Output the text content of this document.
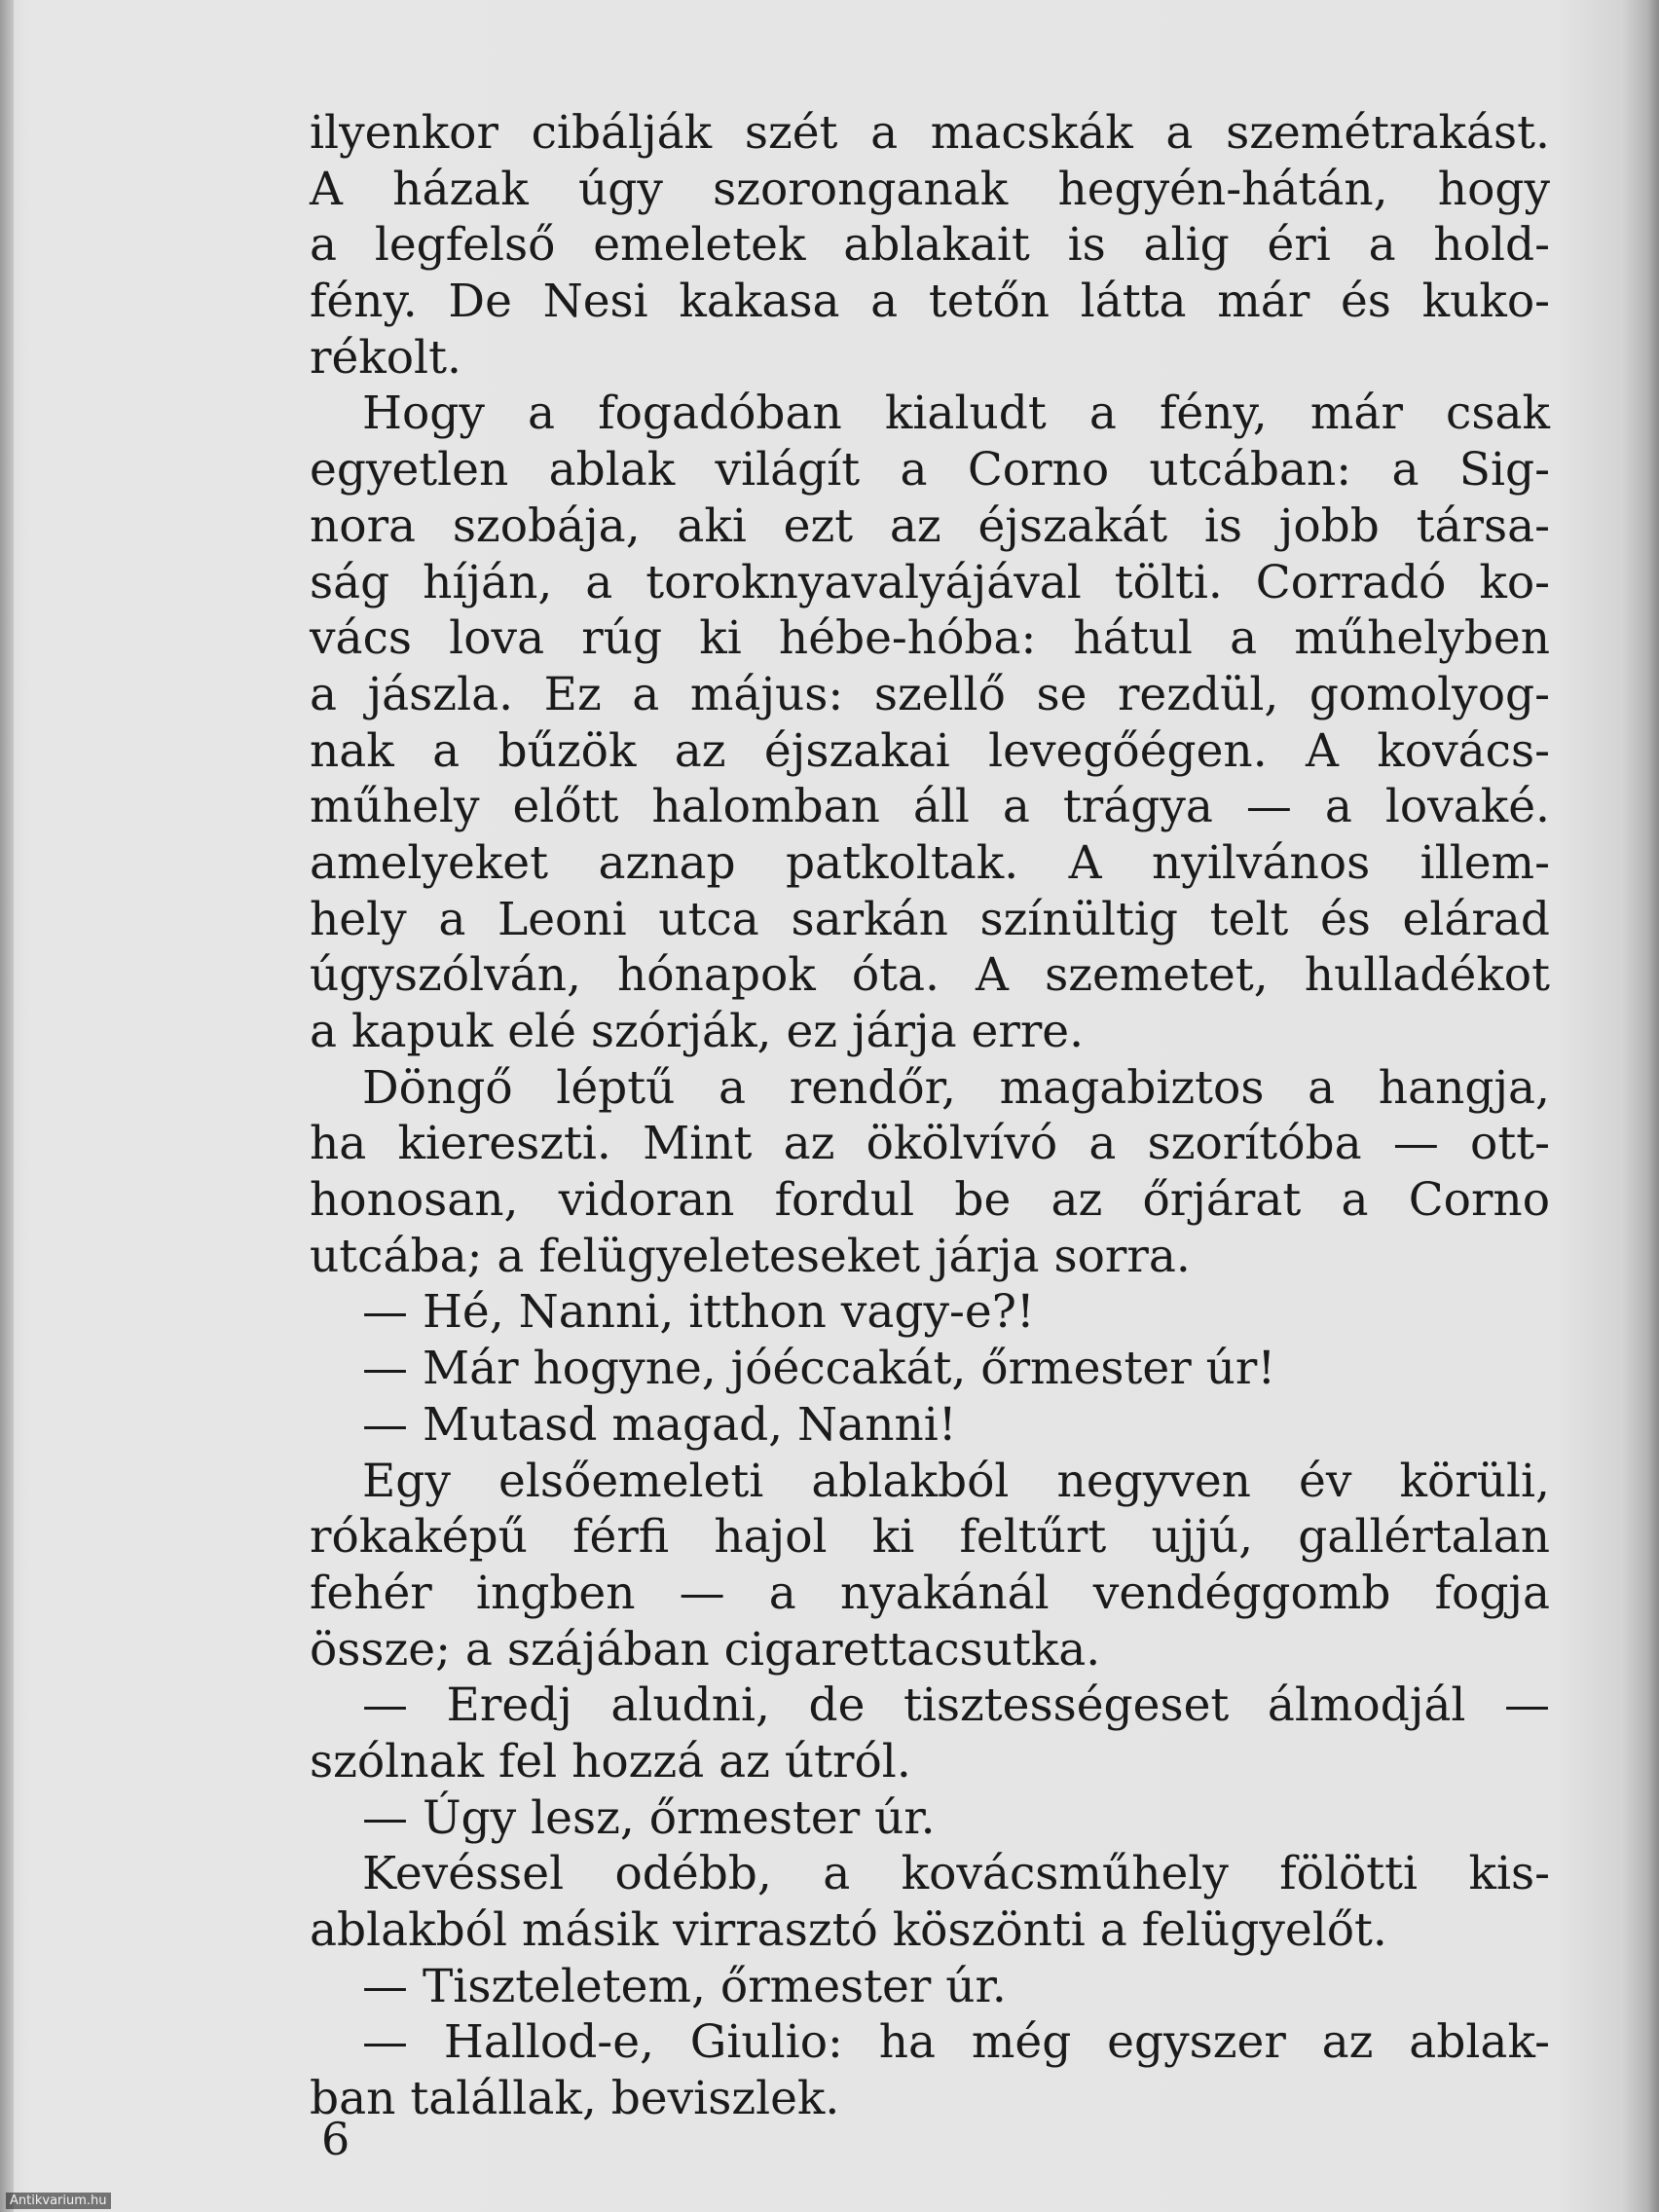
ilyenkor cibálják szét a macskák a szemétrakást.
A házak úgy szoronganak hegyén-hátán, hogy
a legfelső emeletek ablakait is alig éri a hold-
fény. De Nesi kakasa a tetőn látta már és kuko-
rékolt.
Hogy a fogadóban kialudt a fény, már csak
egyetlen ablak világít a Corno utcában: a Sig-
nora szobája, aki ezt az éjszakát is jobb társa-
ság híján, a toroknyavalyájával tölti. Corradó ko-
vács lova rúg ki hébe-hóba: hátul a műhelyben
a jászla. Ez a május: szellő se rezdül, gomolyog-
nak a bűzök az éjszakai levegőégen. A kovács-
műhely előtt halomban áll a trágya — a lovaké.
amelyeket aznap patkoltak. A nyilvános illem-
hely a Leoni utca sarkán színültig telt és elárad
úgyszólván, hónapok óta. A szemetet, hulladékot
a kapuk elé szórják, ez járja erre.
Döngő léptű a rendőr, magabiztos a hangja,
ha kiereszti. Mint az ökölvívó a szorítóba — ott-
honosan, vidoran fordul be az őrjárat a Corno
utcába; a felügyeleteseket járja sorra.
— Hé, Nanni, itthon vagy-e?!
— Már hogyne, jóéccakát, őrmester úr!
— Mutasd magad, Nanni!
Egy elsőemeleti ablakból negyven év körüli,
rókaképű férfi hajol ki feltűrt ujjú, gallértalan
fehér ingben — a nyakánál vendéggomb fogja
össze; a szájában cigarettacsutka.
— Eredj aludni, de tisztességeset álmodjál —
szólnak fel hozzá az útról.
— Úgy lesz, őrmester úr.
Kevéssel odébb, a kovácsműhely fölötti kis-
ablakból másik virrasztó köszönti a felügyelőt.
— Tiszteletem, őrmester úr.
— Hallod-e, Giulio: ha még egyszer az ablak-
ban talállak, beviszlek.
6
Antikvarium.hu
